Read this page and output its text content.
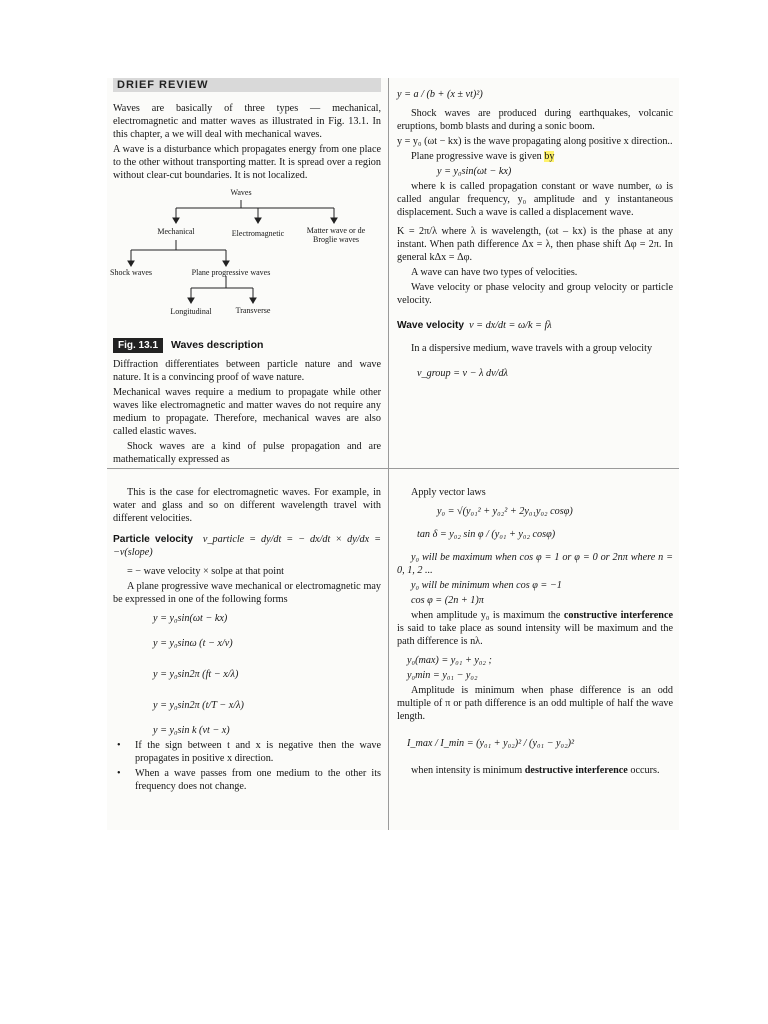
DRIEF REVIEW

Waves are basically of three types — mechanical, electromagnetic and matter waves as illustrated in Fig. 13.1. In this chapter, a we will deal with mechanical waves.

A wave is a disturbance which propagates energy from one place to the other without transporting matter. It is spread over a region without clear-cut boundaries. It is not localized.

Waves
Mechanical	Electromagnetic	Matter wave or de Broglie waves
Shock waves	Plane progressive waves
Longitudinal	Transverse
Fig. 13.1 Waves description

Diffraction differentiates between particle nature and wave nature. It is a convincing proof of wave nature.

Mechanical waves require a medium to propagate while other waves like electromagnetic and matter waves do not require any medium to propagate. Therefore, mechanical waves are also called elastic waves.

Shock waves are a kind of pulse propagation and are mathematically expressed as

y = a / (b + (x ± vt)²)

Shock waves are produced during earthquakes, volcanic eruptions, bomb blasts and during a sonic boom.

y = y₀ (ωt − kx) is the wave propagating along positive x direction..

Plane progressive wave is given by

y = y₀sin(ωt − kx)

where k is called propagation constant or wave number, ω is called angular frequency, y₀ amplitude and y instantaneous displacement. Such a wave is called a displacement wave.

K = 2π/λ where λ is wavelength, (ωt – kx) is the phase at any instant. When path difference Δx = λ, then phase shift Δφ = 2π. In general kΔx = Δφ.

A wave can have two types of velocities.

Wave velocity or phase velocity and group velocity or particle velocity.

Wave velocity v = dx/dt = ω/k = fλ

In a dispersive medium, wave travels with a group velocity

v_group = v − λ dv/dλ

This is the case for electromagnetic waves. For example, in water and glass and so on different wavelength travel with different velocities.

Particle velocity v_particle = dy/dt = − dx/dt × dy/dx = −v(slope)

= − wave velocity × solpe at that point

A plane progressive wave mechanical or electromagnetic may be expressed in one of the following forms

y = y₀sin(ωt − kx)

y = y₀sinω (t − x/v)

y = y₀sin2π (ft − x/λ)

y = y₀sin2π (t/T − x/λ)

y = y₀sin k (vt − x)

• If the sign between t and x is negative then the wave propagates in positive x direction.

• When a wave passes from one medium to the other its frequency does not change.

Apply vector laws

y₀ = √(y₀₁² + y₀₂² + 2y₀₁y₀₂ cosφ)

tan δ = y₀₂ sin φ / (y₀₁ + y₀₂ cosφ)

y₀ will be maximum when cos φ = 1 or φ = 0 or 2nπ where n = 0, 1, 2 ...

y₀ will be minimum when cos φ = −1

cos φ = (2n + 1)π

when amplitude y₀ is maximum the constructive interference is said to take place as sound intensity will be maximum and the path difference is nλ.

y₀(max) = y₀₁ + y₀₂ ;

y₀min = y₀₁ − y₀₂

Amplitude is minimum when phase difference is an odd multiple of π or path difference is an odd multiple of half the wave length.

I_max / I_min = (y₀₁ + y₀₂)² / (y₀₁ − y₀₂)²

when intensity is minimum destructive interference occurs.
